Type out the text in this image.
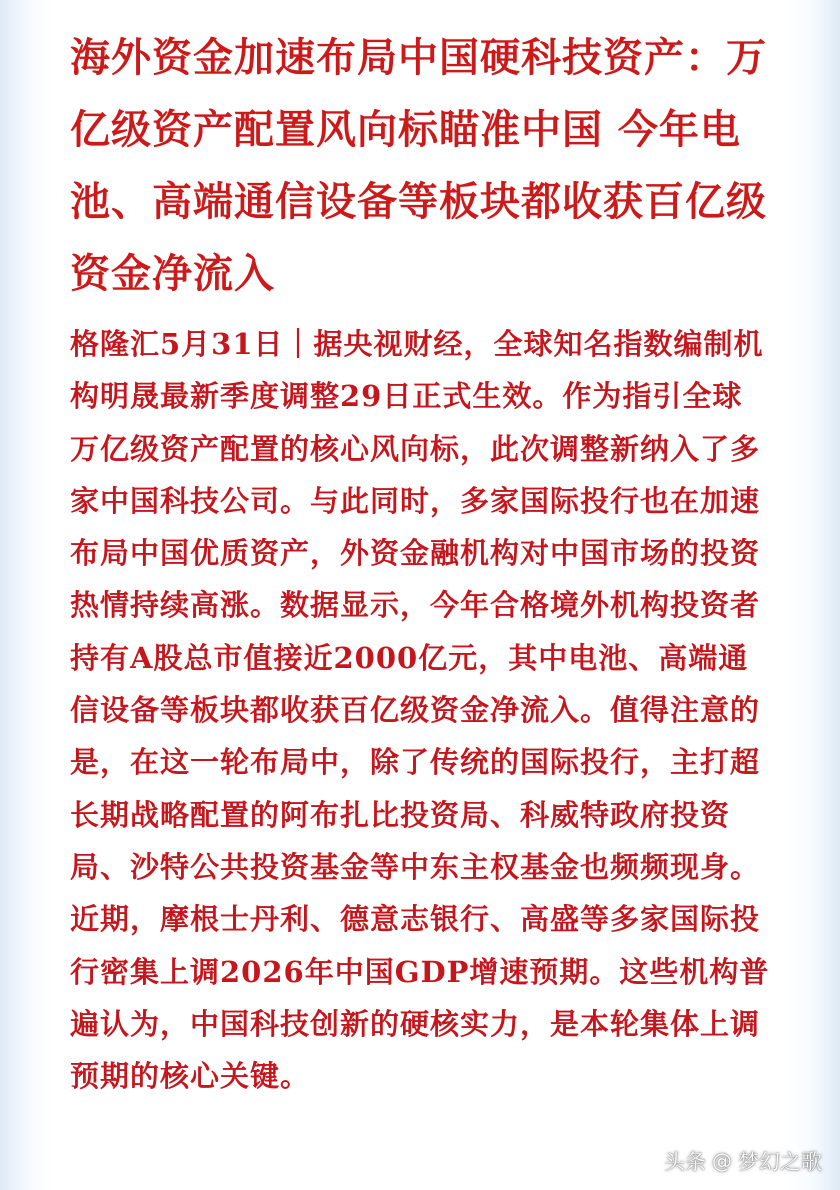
海外资金加速布局中国硬科技资产：万亿级资产配置风向标瞄准中国 今年电池、高端通信设备等板块都收获百亿级资金净流入

格隆汇5月31日｜据央视财经，全球知名指数编制机构明晟最新季度调整29日正式生效。作为指引全球万亿级资产配置的核心风向标，此次调整新纳入了多家中国科技公司。与此同时，多家国际投行也在加速布局中国优质资产，外资金融机构对中国市场的投资热情持续高涨。数据显示，今年合格境外机构投资者持有A股总市值接近2000亿元，其中电池、高端通信设备等板块都收获百亿级资金净流入。值得注意的是，在这一轮布局中，除了传统的国际投行，主打超长期战略配置的阿布扎比投资局、科威特政府投资局、沙特公共投资基金等中东主权基金也频频现身。近期，摩根士丹利、德意志银行、高盛等多家国际投行密集上调2026年中国GDP增速预期。这些机构普遍认为，中国科技创新的硬核实力，是本轮集体上调预期的核心关键。

头条 @ 梦幻之歌
